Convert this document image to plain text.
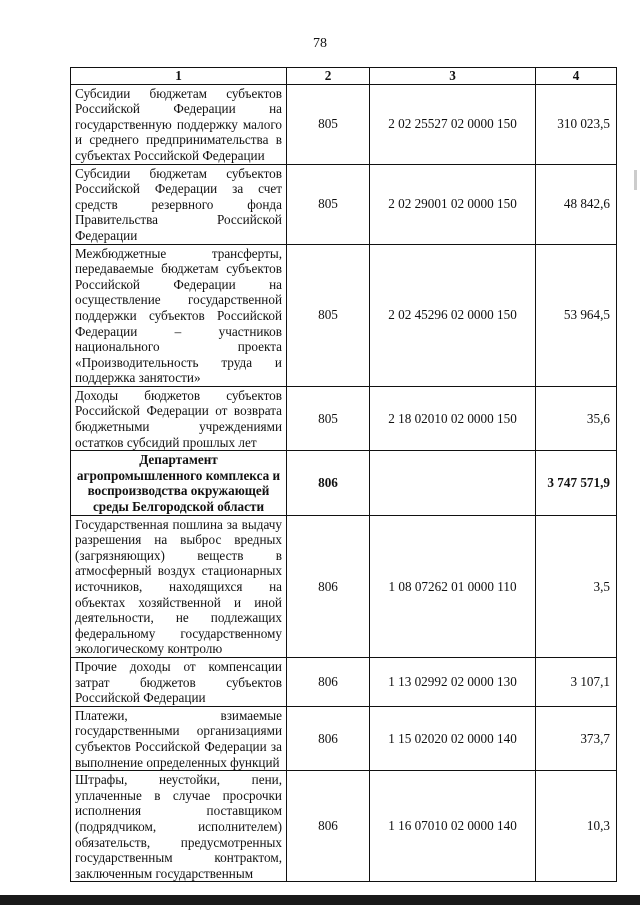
78
1	2	3	4
Субсидии бюджетам субъектов Российской Федерации на государственную поддержку малого и среднего предпринимательства в субъектах Российской Федерации	805	2 02 25527 02 0000 150	310 023,5
Субсидии бюджетам субъектов Российской Федерации за счет средств резервного фонда Правительства Российской Федерации	805	2 02 29001 02 0000 150	48 842,6
Межбюджетные трансферты, передаваемые бюджетам субъектов Российской Федерации на осуществление государственной поддержки субъектов Российской Федерации – участников национального проекта «Производительность труда и поддержка занятости»	805	2 02 45296 02 0000 150	53 964,5
Доходы бюджетов субъектов Российской Федерации от возврата бюджетными учреждениями остатков субсидий прошлых лет	805	2 18 02010 02 0000 150	35,6
Департамент агропромышленного комплекса и воспроизводства окружающей среды Белгородской области	806		3 747 571,9
Государственная пошлина за выдачу разрешения на выброс вредных (загрязняющих) веществ в атмосферный воздух стационарных источников, находящихся на объектах хозяйственной и иной деятельности, не подлежащих федеральному государственному экологическому контролю	806	1 08 07262 01 0000 110	3,5
Прочие доходы от компенсации затрат бюджетов субъектов Российской Федерации	806	1 13 02992 02 0000 130	3 107,1
Платежи, взимаемые государственными организациями субъектов Российской Федерации за выполнение определенных функций	806	1 15 02020 02 0000 140	373,7
Штрафы, неустойки, пени, уплаченные в случае просрочки исполнения поставщиком (подрядчиком, исполнителем) обязательств, предусмотренных государственным контрактом, заключенным государственным	806	1 16 07010 02 0000 140	10,3
